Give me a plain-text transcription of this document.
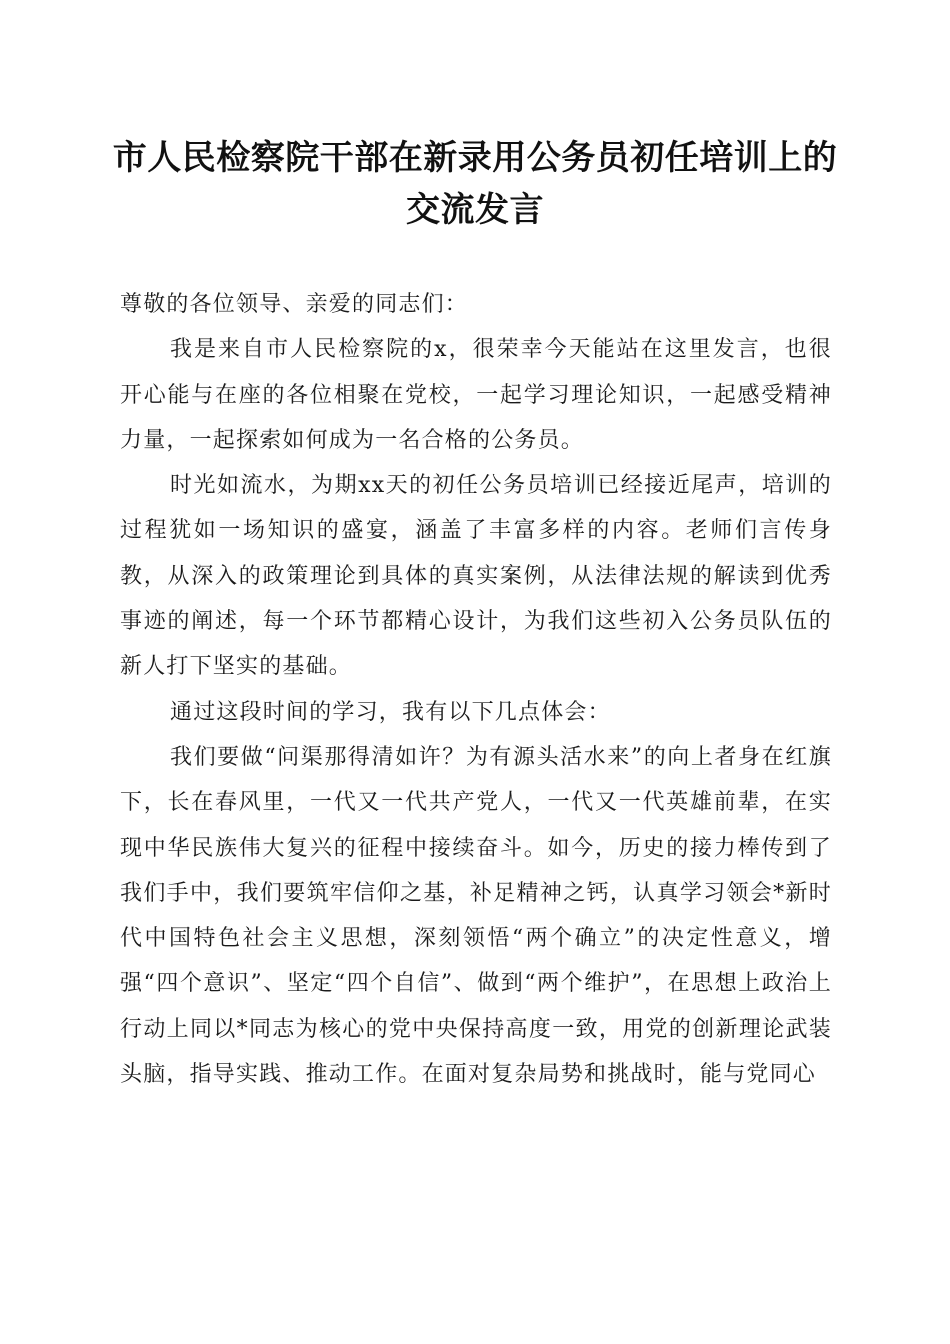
市人民检察院干部在新录用公务员初任培训上的交流发言

尊敬的各位领导、亲爱的同志们：

我是来自市人民检察院的x，很荣幸今天能站在这里发言，也很开心能与在座的各位相聚在党校，一起学习理论知识，一起感受精神力量，一起探索如何成为一名合格的公务员。

时光如流水，为期xx天的初任公务员培训已经接近尾声，培训的过程犹如一场知识的盛宴，涵盖了丰富多样的内容。老师们言传身教，从深入的政策理论到具体的真实案例，从法律法规的解读到优秀事迹的阐述，每一个环节都精心设计，为我们这些初入公务员队伍的新人打下坚实的基础。

通过这段时间的学习，我有以下几点体会：

我们要做“问渠那得清如许？为有源头活水来”的向上者身在红旗下，长在春风里，一代又一代共产党人，一代又一代英雄前辈，在实现中华民族伟大复兴的征程中接续奋斗。如今，历史的接力棒传到了我们手中，我们要筑牢信仰之基，补足精神之钙，认真学习领会*新时代中国特色社会主义思想，深刻领悟“两个确立”的决定性意义，增强“四个意识”、坚定“四个自信”、做到“两个维护”，在思想上政治上行动上同以*同志为核心的党中央保持高度一致，用党的创新理论武装头脑，指导实践、推动工作。在面对复杂局势和挑战时，能与党同心
